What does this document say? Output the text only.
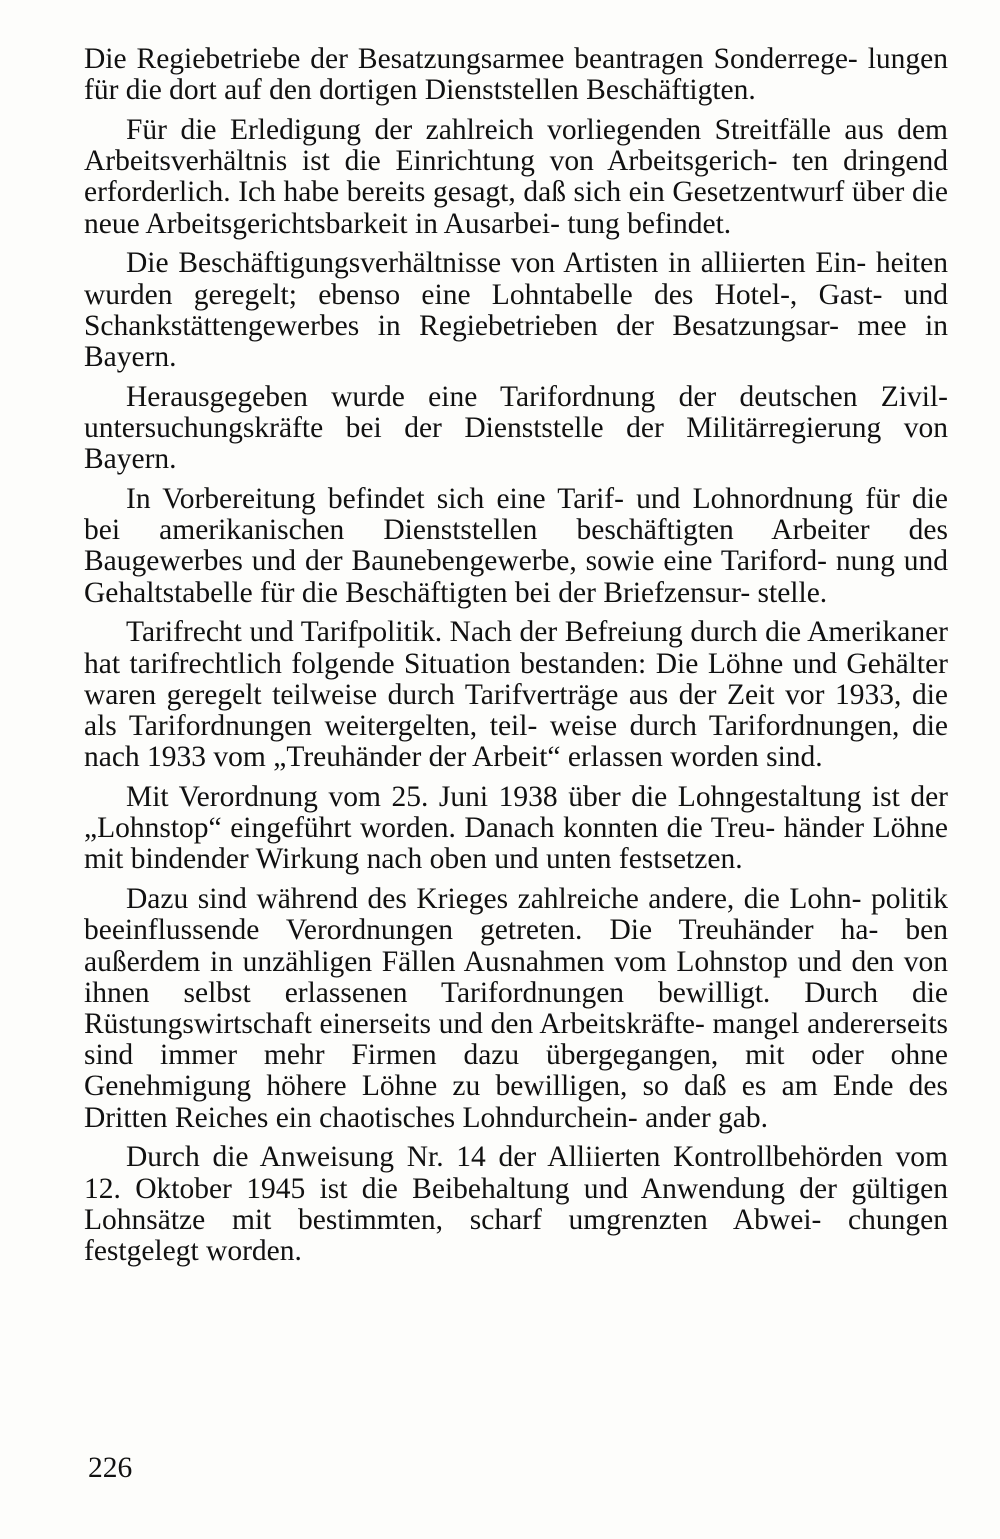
Die Regiebetriebe der Besatzungsarmee beantragen Sonderrege- lungen für die dort auf den dortigen Dienststellen Beschäftigten.

Für die Erledigung der zahlreich vorliegenden Streitfälle aus dem Arbeitsverhältnis ist die Einrichtung von Arbeitsgerich- ten dringend erforderlich. Ich habe bereits gesagt, daß sich ein Gesetzentwurf über die neue Arbeitsgerichtsbarkeit in Ausarbei- tung befindet.

Die Beschäftigungsverhältnisse von Artisten in alliierten Ein- heiten wurden geregelt; ebenso eine Lohntabelle des Hotel-, Gast- und Schankstättengewerbes in Regiebetrieben der Besatzungsar- mee in Bayern.

Herausgegeben wurde eine Tarifordnung der deutschen Zivil- untersuchungskräfte bei der Dienststelle der Militärregierung von Bayern.

In Vorbereitung befindet sich eine Tarif- und Lohnordnung für die bei amerikanischen Dienststellen beschäftigten Arbeiter des Baugewerbes und der Baunebengewerbe, sowie eine Tariford- nung und Gehaltstabelle für die Beschäftigten bei der Briefzensur- stelle.

Tarifrecht und Tarifpolitik. Nach der Befreiung durch die Amerikaner hat tarifrechtlich folgende Situation bestanden: Die Löhne und Gehälter waren geregelt teilweise durch Tarifverträge aus der Zeit vor 1933, die als Tarifordnungen weitergelten, teil- weise durch Tarifordnungen, die nach 1933 vom „Treuhänder der Arbeit“ erlassen worden sind.

Mit Verordnung vom 25. Juni 1938 über die Lohngestaltung ist der „Lohnstop“ eingeführt worden. Danach konnten die Treu- händer Löhne mit bindender Wirkung nach oben und unten festsetzen.

Dazu sind während des Krieges zahlreiche andere, die Lohn- politik beeinflussende Verordnungen getreten. Die Treuhänder ha- ben außerdem in unzähligen Fällen Ausnahmen vom Lohnstop und den von ihnen selbst erlassenen Tarifordnungen bewilligt. Durch die Rüstungswirtschaft einerseits und den Arbeitskräfte- mangel andererseits sind immer mehr Firmen dazu übergegangen, mit oder ohne Genehmigung höhere Löhne zu bewilligen, so daß es am Ende des Dritten Reiches ein chaotisches Lohndurchein- ander gab.

Durch die Anweisung Nr. 14 der Alliierten Kontrollbehörden vom 12. Oktober 1945 ist die Beibehaltung und Anwendung der gültigen Lohnsätze mit bestimmten, scharf umgrenzten Abwei- chungen festgelegt worden.

226
